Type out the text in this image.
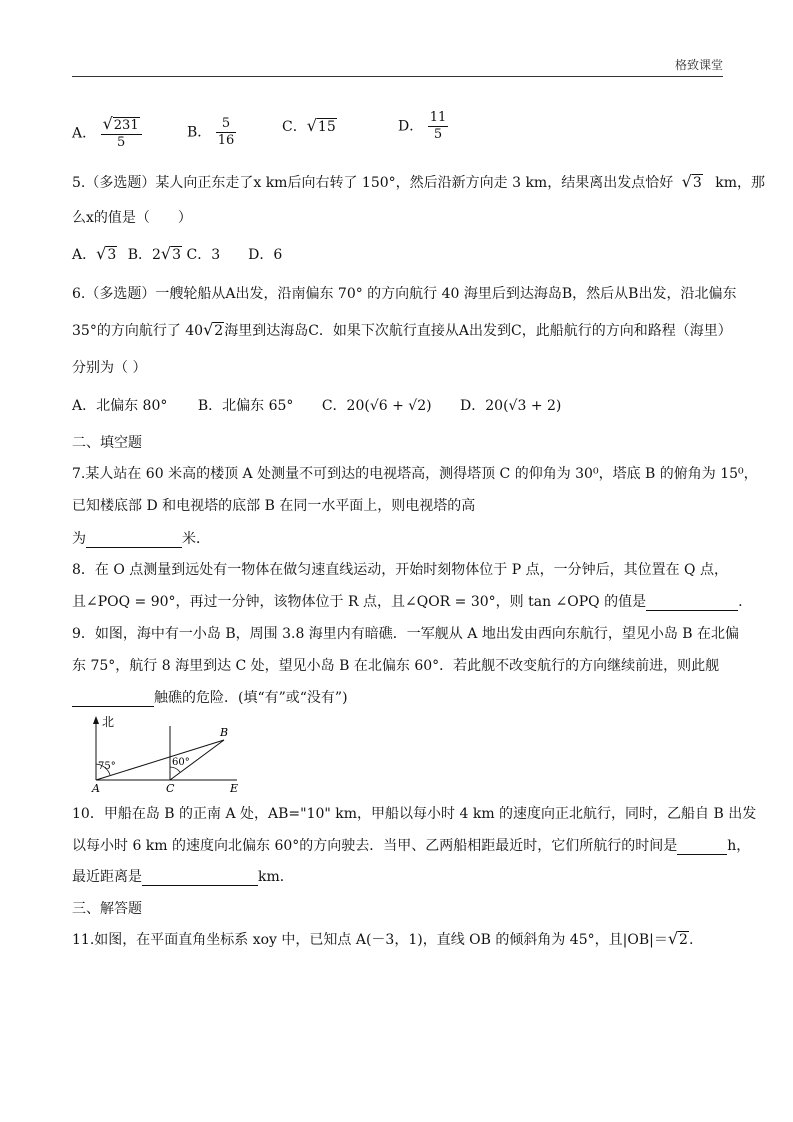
格致课堂
A． $\frac{√231}{5}$	B． $\frac{5}{16}$	C．√15	D． $\frac{11}{5}$
5.（多选题）某人向正东走了x km后向右转了 150°，然后沿新方向走 3 km，结果离出发点恰好 √3 km，那
么x的值是（　　）
A．√3 B．2√3 C．3　　D．6
6.（多选题）一艘轮船从A出发，沿南偏东 70° 的方向航行 40 海里后到达海岛B，然后从B出发，沿北偏东
35°的方向航行了 40√2海里到达海岛C．如果下次航行直接从A出发到C，此船航行的方向和路程（海里）
分别为（ ）
A．北偏东 80° B．北偏东 65° C．20(√6 + √2) D．20(√3 + 2)
二、填空题
7.某人站在 60 米高的楼顶 A 处测量不可到达的电视塔高，测得塔顶 C 的仰角为 30⁰，塔底 B 的俯角为 15⁰，
已知楼底部 D 和电视塔的底部 B 在同一水平面上，则电视塔的高
为	米．
8．在 O 点测量到远处有一物体在做匀速直线运动，开始时刻物体位于 P 点，一分钟后，其位置在 Q 点，
且∠POQ = 90°，再过一分钟，该物体位于 R 点，且∠QOR = 30°，则 tan ∠OPQ 的值是	.
9．如图，海中有一小岛 B，周围 3.8 海里内有暗礁．一军舰从 A 地出发由西向东航行，望见小岛 B 在北偏
东 75°，航行 8 海里到达 C 处，望见小岛 B 在北偏东 60°．若此舰不改变航行的方向继续前进，则此舰
触礁的危险．(填“有”或“没有”)
北
75°	60°
A	C	E
B
10．甲船在岛 B 的正南 A 处，AB="10" km，甲船以每小时 4 km 的速度向正北航行，同时，乙船自 B 出发
以每小时 6 km 的速度向北偏东 60°的方向驶去．当甲、乙两船相距最近时，它们所航行的时间是	h，
最近距离是	km．
三、解答题
11.如图，在平面直角坐标系 xoy 中，已知点 A(－3，1)，直线 OB 的倾斜角为 45°，且|OB|＝√2.
